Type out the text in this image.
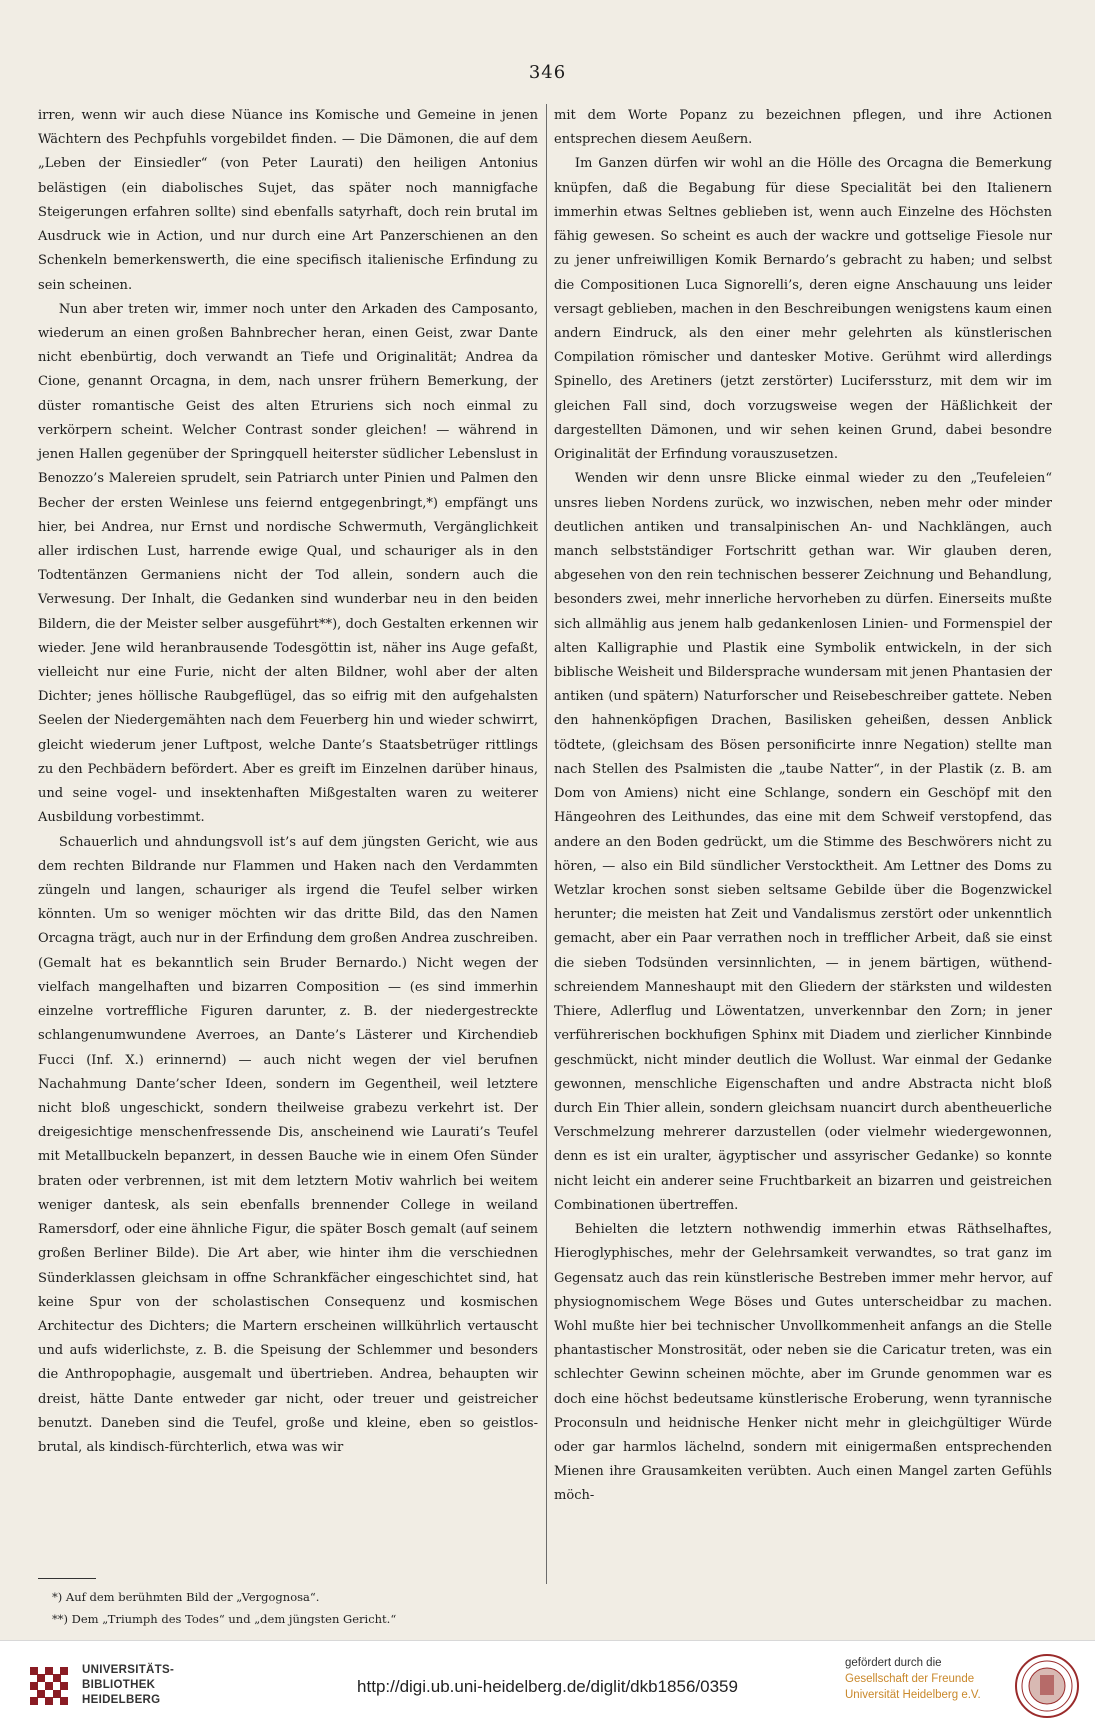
346

irren, wenn wir auch diese Nüance ins Komische und Gemeine in jenen Wächtern des Pechpfuhls vorgebildet finden. — Die Dämonen, die auf dem „Leben der Einsiedler“ (von Peter Laurati) den heiligen Antonius belästigen (ein diabolisches Sujet, das später noch mannigfache Steigerungen erfahren sollte) sind ebenfalls satyrhaft, doch rein brutal im Ausdruck wie in Action, und nur durch eine Art Panzerschienen an den Schenkeln bemerkenswerth, die eine specifisch italienische Erfindung zu sein scheinen.

Nun aber treten wir, immer noch unter den Arkaden des Camposanto, wiederum an einen großen Bahnbrecher heran, einen Geist, zwar Dante nicht ebenbürtig, doch verwandt an Tiefe und Originalität; Andrea da Cione, genannt Orcagna, in dem, nach unsrer frühern Bemerkung, der düster romantische Geist des alten Etruriens sich noch einmal zu verkörpern scheint. Welcher Contrast sonder gleichen! — während in jenen Hallen gegenüber der Springquell heiterster südlicher Lebenslust in Benozzo’s Malereien sprudelt, sein Patriarch unter Pinien und Palmen den Becher der ersten Weinlese uns feiernd entgegenbringt,*) empfängt uns hier, bei Andrea, nur Ernst und nordische Schwermuth, Vergänglichkeit aller irdischen Lust, harrende ewige Qual, und schauriger als in den Todtentänzen Germaniens nicht der Tod allein, sondern auch die Verwesung. Der Inhalt, die Gedanken sind wunderbar neu in den beiden Bildern, die der Meister selber ausgeführt**), doch Gestalten erkennen wir wieder. Jene wild heranbrausende Todesgöttin ist, näher ins Auge gefaßt, vielleicht nur eine Furie, nicht der alten Bildner, wohl aber der alten Dichter; jenes höllische Raubgeflügel, das so eifrig mit den aufgehalsten Seelen der Niedergemähten nach dem Feuerberg hin und wieder schwirrt, gleicht wiederum jener Luftpost, welche Dante’s Staatsbetrüger rittlings zu den Pechbädern befördert. Aber es greift im Einzelnen darüber hinaus, und seine vogel- und insektenhaften Mißgestalten waren zu weiterer Ausbildung vorbestimmt.

Schauerlich und ahndungsvoll ist’s auf dem jüngsten Gericht, wie aus dem rechten Bildrande nur Flammen und Haken nach den Verdammten züngeln und langen, schauriger als irgend die Teufel selber wirken könnten. Um so weniger möchten wir das dritte Bild, das den Namen Orcagna trägt, auch nur in der Erfindung dem großen Andrea zuschreiben. (Gemalt hat es bekanntlich sein Bruder Bernardo.) Nicht wegen der vielfach mangelhaften und bizarren Composition — (es sind immerhin einzelne vortreffliche Figuren darunter, z. B. der niedergestreckte schlangenumwundene Averroes, an Dante’s Lästerer und Kirchendieb Fucci (Inf. X.) erinnernd) — auch nicht wegen der viel berufnen Nachahmung Dante’scher Ideen, sondern im Gegentheil, weil letztere nicht bloß ungeschickt, sondern theilweise grabezu verkehrt ist. Der dreigesichtige menschenfressende Dis, anscheinend wie Laurati’s Teufel mit Metallbuckeln bepanzert, in dessen Bauche wie in einem Ofen Sünder braten oder verbrennen, ist mit dem letztern Motiv wahrlich bei weitem weniger dantesk, als sein ebenfalls brennender College in weiland Ramersdorf, oder eine ähnliche Figur, die später Bosch gemalt (auf seinem großen Berliner Bilde). Die Art aber, wie hinter ihm die verschiednen Sünderklassen gleichsam in offne Schrankfächer eingeschichtet sind, hat keine Spur von der scholastischen Consequenz und kosmischen Architectur des Dichters; die Martern erscheinen willkührlich vertauscht und aufs widerlichste, z. B. die Speisung der Schlemmer und besonders die Anthropophagie, ausgemalt und übertrieben. Andrea, behaupten wir dreist, hätte Dante entweder gar nicht, oder treuer und geistreicher benutzt. Daneben sind die Teufel, große und kleine, eben so geistlos-brutal, als kindisch-fürchterlich, etwa was wir

mit dem Worte Popanz zu bezeichnen pflegen, und ihre Actionen entsprechen diesem Aeußern.

Im Ganzen dürfen wir wohl an die Hölle des Orcagna die Bemerkung knüpfen, daß die Begabung für diese Specialität bei den Italienern immerhin etwas Seltnes geblieben ist, wenn auch Einzelne des Höchsten fähig gewesen. So scheint es auch der wackre und gottselige Fiesole nur zu jener unfreiwilligen Komik Bernardo’s gebracht zu haben; und selbst die Compositionen Luca Signorelli’s, deren eigne Anschauung uns leider versagt geblieben, machen in den Beschreibungen wenigstens kaum einen andern Eindruck, als den einer mehr gelehrten als künstlerischen Compilation römischer und dantesker Motive. Gerühmt wird allerdings Spinello, des Aretiners (jetzt zerstörter) Luciferssturz, mit dem wir im gleichen Fall sind, doch vorzugsweise wegen der Häßlichkeit der dargestellten Dämonen, und wir sehen keinen Grund, dabei besondre Originalität der Erfindung vorauszusetzen.

Wenden wir denn unsre Blicke einmal wieder zu den „Teufeleien“ unsres lieben Nordens zurück, wo inzwischen, neben mehr oder minder deutlichen antiken und transalpinischen An- und Nachklängen, auch manch selbstständiger Fortschritt gethan war. Wir glauben deren, abgesehen von den rein technischen besserer Zeichnung und Behandlung, besonders zwei, mehr innerliche hervorheben zu dürfen. Einerseits mußte sich allmählig aus jenem halb gedankenlosen Linien- und Formenspiel der alten Kalligraphie und Plastik eine Symbolik entwickeln, in der sich biblische Weisheit und Bildersprache wundersam mit jenen Phantasien der antiken (und spätern) Naturforscher und Reisebeschreiber gattete. Neben den hahnenköpfigen Drachen, Basilisken geheißen, dessen Anblick tödtete, (gleichsam des Bösen personificirte innre Negation) stellte man nach Stellen des Psalmisten die „taube Natter“, in der Plastik (z. B. am Dom von Amiens) nicht eine Schlange, sondern ein Geschöpf mit den Hängeohren des Leithundes, das eine mit dem Schweif verstopfend, das andere an den Boden gedrückt, um die Stimme des Beschwörers nicht zu hören, — also ein Bild sündlicher Verstocktheit. Am Lettner des Doms zu Wetzlar krochen sonst sieben seltsame Gebilde über die Bogenzwickel herunter; die meisten hat Zeit und Vandalismus zerstört oder unkenntlich gemacht, aber ein Paar verrathen noch in trefflicher Arbeit, daß sie einst die sieben Todsünden versinnlichten, — in jenem bärtigen, wüthend-schreiendem Manneshaupt mit den Gliedern der stärksten und wildesten Thiere, Adlerflug und Löwentatzen, unverkennbar den Zorn; in jener verführerischen bockhufigen Sphinx mit Diadem und zierlicher Kinnbinde geschmückt, nicht minder deutlich die Wollust. War einmal der Gedanke gewonnen, menschliche Eigenschaften und andre Abstracta nicht bloß durch Ein Thier allein, sondern gleichsam nuancirt durch abentheuerliche Verschmelzung mehrerer darzustellen (oder vielmehr wiedergewonnen, denn es ist ein uralter, ägyptischer und assyrischer Gedanke) so konnte nicht leicht ein anderer seine Fruchtbarkeit an bizarren und geistreichen Combinationen übertreffen.

Behielten die letztern nothwendig immerhin etwas Räthselhaftes, Hieroglyphisches, mehr der Gelehrsamkeit verwandtes, so trat ganz im Gegensatz auch das rein künstlerische Bestreben immer mehr hervor, auf physiognomischem Wege Böses und Gutes unterscheidbar zu machen. Wohl mußte hier bei technischer Unvollkommenheit anfangs an die Stelle phantastischer Monstrosität, oder neben sie die Caricatur treten, was ein schlechter Gewinn scheinen möchte, aber im Grunde genommen war es doch eine höchst bedeutsame künstlerische Eroberung, wenn tyrannische Proconsuln und heidnische Henker nicht mehr in gleichgültiger Würde oder gar harmlos lächelnd, sondern mit einigermaßen entsprechenden Mienen ihre Grausamkeiten verübten. Auch einen Mangel zarten Gefühls möch-

*) Auf dem berühmten Bild der „Vergognosa“.
**) Dem „Triumph des Todes“ und „dem jüngsten Gericht.“
UNIVERSITÄTS-
BIBLIOTHEK
HEIDELBERG
http://digi.ub.uni-heidelberg.de/diglit/dkb1856/0359
gefördert durch die
Gesellschaft der Freunde
Universität Heidelberg e.V.
